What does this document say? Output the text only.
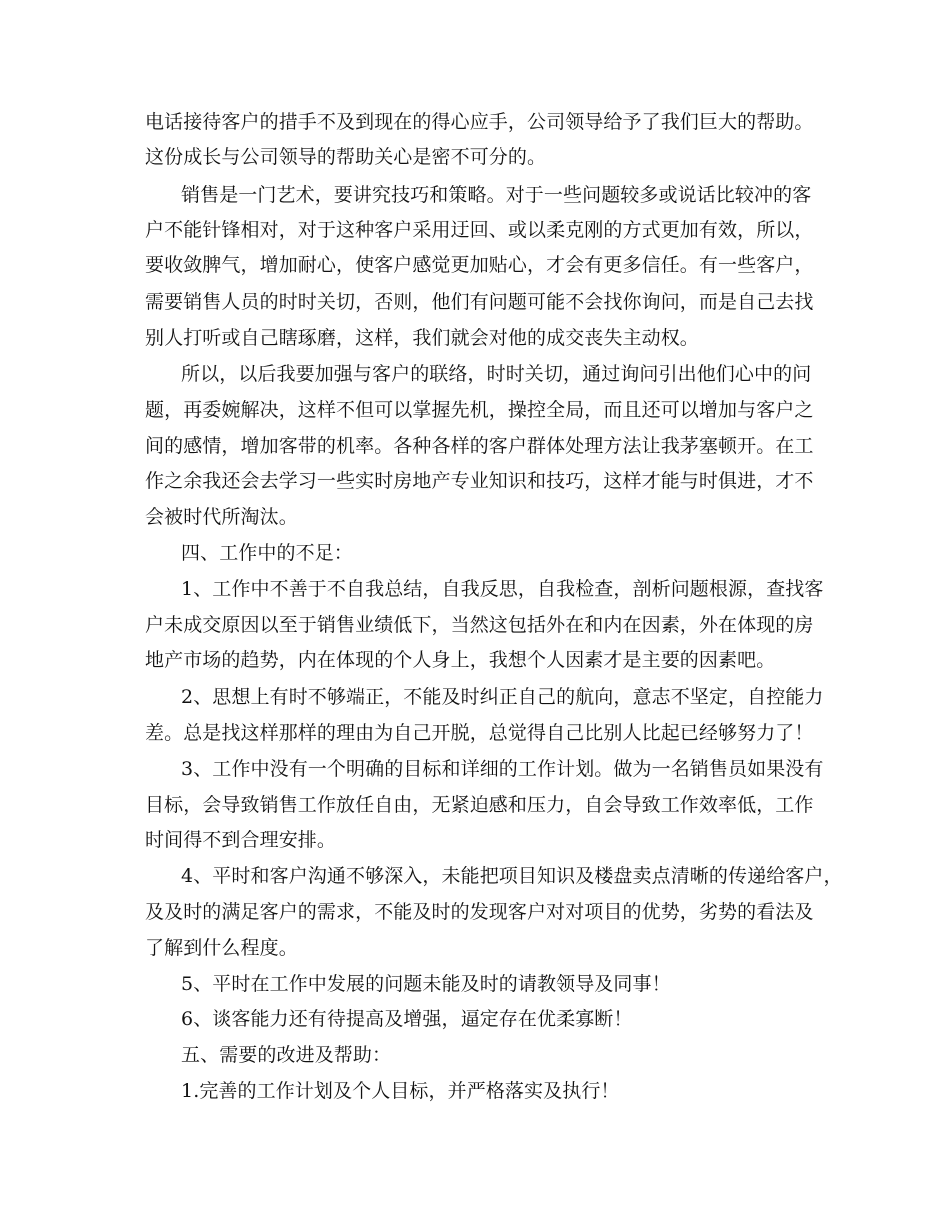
电话接待客户的措手不及到现在的得心应手，公司领导给予了我们巨大的帮助。
这份成长与公司领导的帮助关心是密不可分的。
销售是一门艺术，要讲究技巧和策略。对于一些问题较多或说话比较冲的客
户不能针锋相对，对于这种客户采用迂回、或以柔克刚的方式更加有效，所以，
要收敛脾气，增加耐心，使客户感觉更加贴心，才会有更多信任。有一些客户，
需要销售人员的时时关切，否则，他们有问题可能不会找你询问，而是自己去找
别人打听或自己瞎琢磨，这样，我们就会对他的成交丧失主动权。
所以，以后我要加强与客户的联络，时时关切，通过询问引出他们心中的问
题，再委婉解决，这样不但可以掌握先机，操控全局，而且还可以增加与客户之
间的感情，增加客带的机率。各种各样的客户群体处理方法让我茅塞顿开。在工
作之余我还会去学习一些实时房地产专业知识和技巧，这样才能与时俱进，才不
会被时代所淘汰。
四、工作中的不足：
1、工作中不善于不自我总结，自我反思，自我检查，剖析问题根源，查找客
户未成交原因以至于销售业绩低下，当然这包括外在和内在因素，外在体现的房
地产市场的趋势，内在体现的个人身上，我想个人因素才是主要的因素吧。
2、思想上有时不够端正，不能及时纠正自己的航向，意志不坚定，自控能力
差。总是找这样那样的理由为自己开脱，总觉得自己比别人比起已经够努力了！
3、工作中没有一个明确的目标和详细的工作计划。做为一名销售员如果没有
目标，会导致销售工作放任自由，无紧迫感和压力，自会导致工作效率低，工作
时间得不到合理安排。
4、平时和客户沟通不够深入，未能把项目知识及楼盘卖点清晰的传递给客户，
及及时的满足客户的需求，不能及时的发现客户对对项目的优势，劣势的看法及
了解到什么程度。
5、平时在工作中发展的问题未能及时的请教领导及同事！
6、谈客能力还有待提高及增强，逼定存在优柔寡断！
五、需要的改进及帮助：
1.完善的工作计划及个人目标，并严格落实及执行！
